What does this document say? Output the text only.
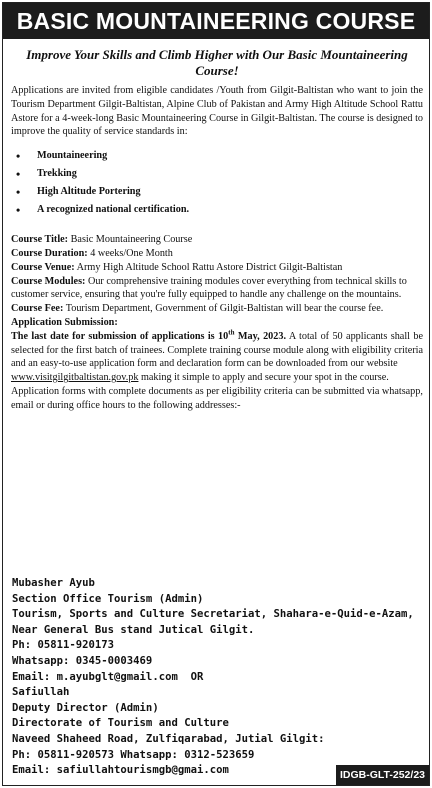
BASIC MOUNTAINEERING COURSE
Improve Your Skills and Climb Higher with Our Basic Mountaineering Course!

Applications are invited from eligible candidates /Youth from Gilgit-Baltistan who want to join the Tourism Department Gilgit-Baltistan, Alpine Club of Pakistan and Army High Altitude School Rattu Astore for a 4-week-long Basic Mountaineering Course in Gilgit-Baltistan. The course is designed to improve the quality of service standards in:

• Mountaineering
• Trekking
• High Altitude Portering
• A recognized national certification.

Course Title: Basic Mountaineering Course

Course Duration: 4 weeks/One Month

Course Venue: Army High Altitude School Rattu Astore District Gilgit-Baltistan

Course Modules: Our comprehensive training modules cover everything from technical skills to customer service, ensuring that you're fully equipped to handle any challenge on the mountains.

Course Fee: Tourism Department, Government of Gilgit-Baltistan will bear the course fee.

Application Submission:

The last date for submission of applications is 10th May, 2023. A total of 50 applicants shall be selected for the first batch of trainees. Complete training course module along with eligibility criteria and an easy-to-use application form and declaration form can be downloaded from our website

www.visitgilgitbaltistan.gov.pk making it simple to apply and secure your spot in the course.

Application forms with complete documents as per eligibility criteria can be submitted via whatsapp, email or during office hours to the following addresses:-

Mubasher Ayub
Section Office Tourism (Admin)
Tourism, Sports and Culture Secretariat, Shahara-e-Quid-e-Azam,
Near General Bus stand Jutical Gilgit.
Ph: 05811-920173
Whatsapp: 0345-0003469
Email: m.ayubglt@gmail.com  OR
Safiullah
Deputy Director (Admin)
Directorate of Tourism and Culture
Naveed Shaheed Road, Zulfiqarabad, Jutial Gilgit:
Ph: 05811-920573 Whatsapp: 0312-523659
Email: safiullahtourismgb@gmai.com	IDGB-GLT-252/23
